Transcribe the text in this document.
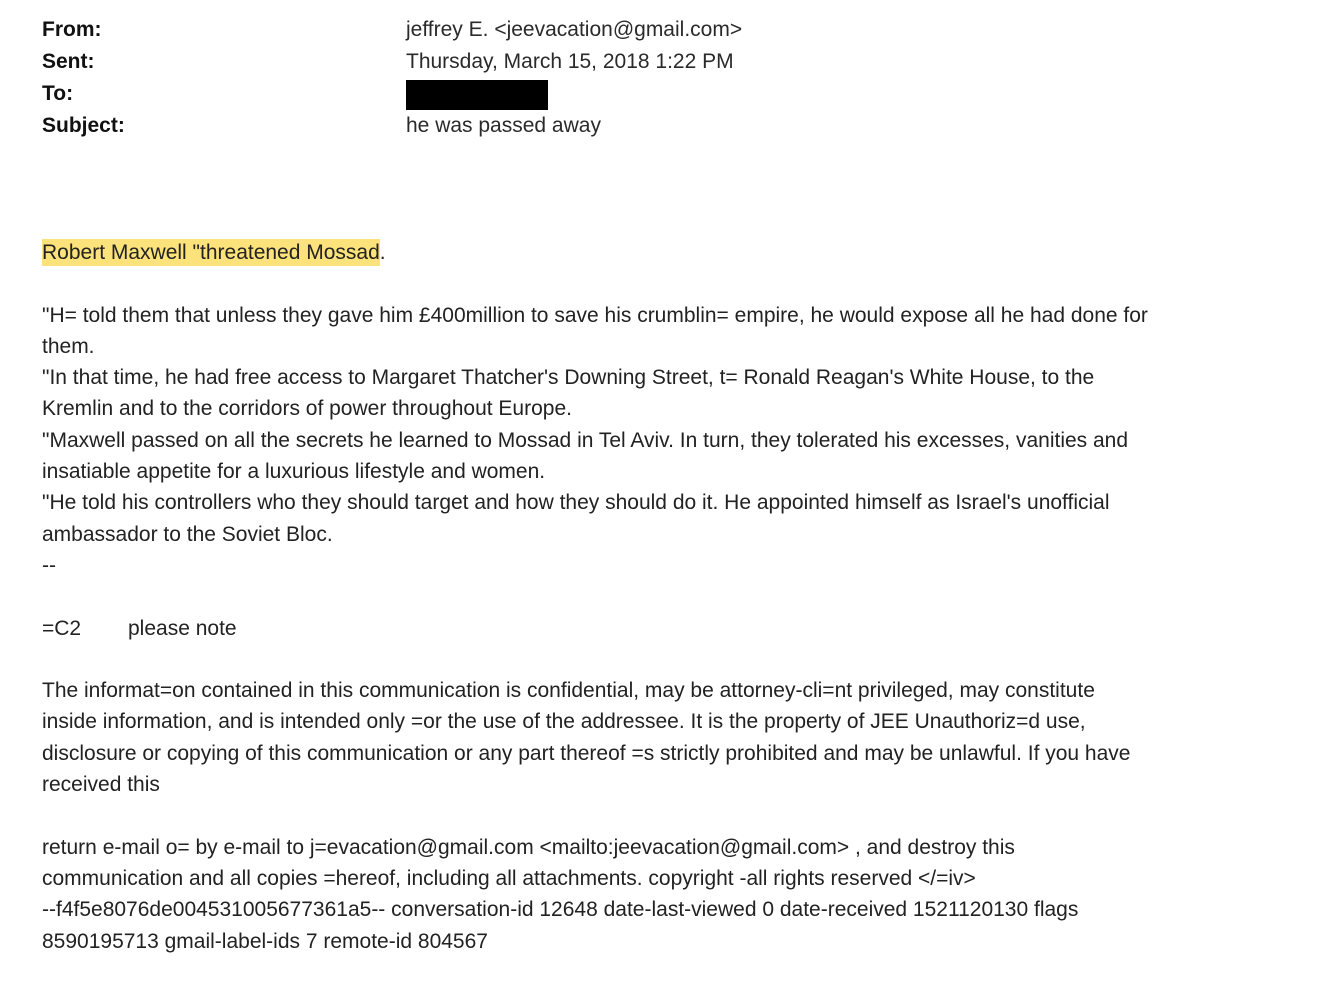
From:	jeffrey E. <jeevacation@gmail.com>
Sent:	Thursday, March 15, 2018 1:22 PM
To:
Subject:	he was passed away
Robert Maxwell "threatened Mossad.
"H= told them that unless they gave him £400million to save his crumblin= empire, he would expose all he had done for
them.
"In that time, he had free access to Margaret Thatcher's Downing Street, t= Ronald Reagan's White House, to the
Kremlin and to the corridors of power throughout Europe.
"Maxwell passed on all the secrets he learned to Mossad in Tel Aviv. In turn, they tolerated his excesses, vanities and
insatiable appetite for a luxurious lifestyle and women.
"He told his controllers who they should target and how they should do it. He appointed himself as Israel's unofficial
ambassador to the Soviet Bloc.
--
=C2 please note
The informat=on contained in this communication is confidential, may be attorney-cli=nt privileged, may constitute
inside information, and is intended only =or the use of the addressee. It is the property of JEE Unauthoriz=d use,
disclosure or copying of this communication or any part thereof =s strictly prohibited and may be unlawful. If you have
received this
return e-mail o= by e-mail to j=evacation@gmail.com <mailto:jeevacation@gmail.com> , and destroy this
communication and all copies =hereof, including all attachments. copyright -all rights reserved </=iv>
--f4f5e8076de004531005677361a5-- conversation-id 12648 date-last-viewed 0 date-received 1521120130 flags
8590195713 gmail-label-ids 7 remote-id 804567
